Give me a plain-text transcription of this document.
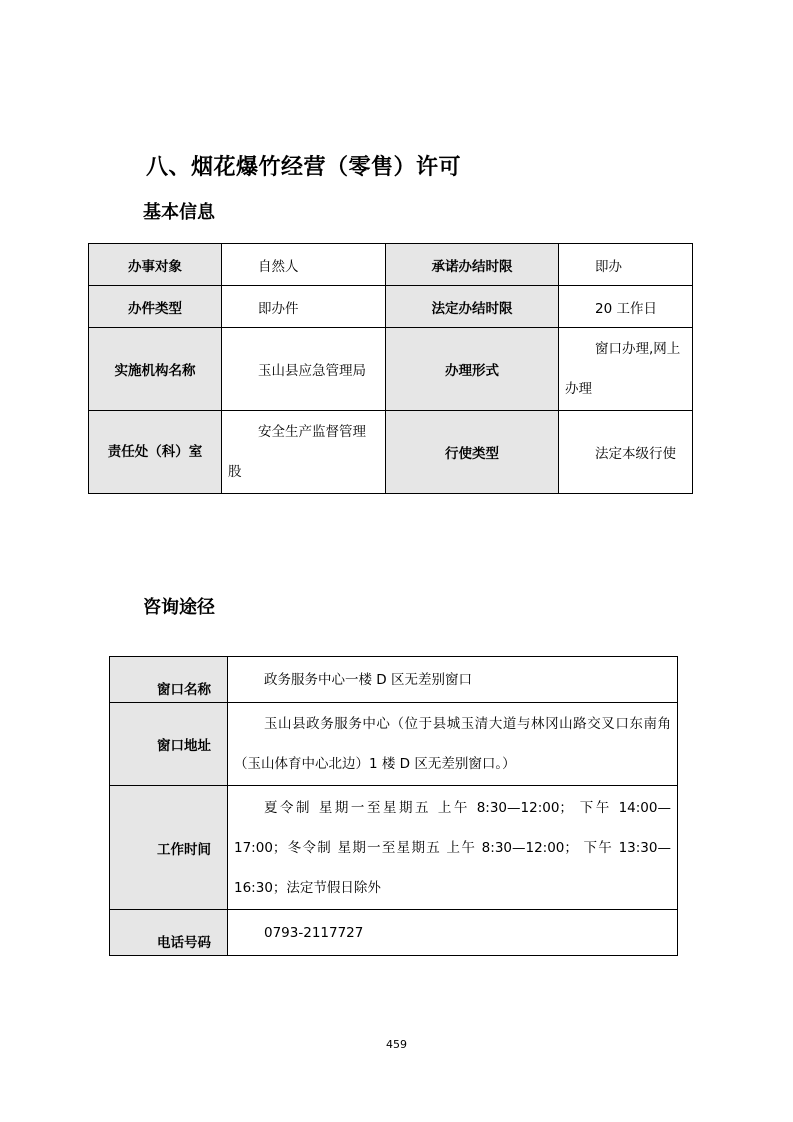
八、烟花爆竹经营（零售）许可
基本信息
办事对象	自然人	承诺办结时限	即办
办件类型	即办件	法定办结时限	20 工作日
实施机构名称	玉山县应急管理局	办理形式	窗口办理,网上办理

责任处（科）室	安全生产监督管理股	行使类型	法定本级行使
咨询途径
窗口名称	政务服务中心一楼 D 区无差别窗口
窗口地址	玉山县政务服务中心（位于县城玉清大道与林冈山路交叉口东南角（玉山体育中心北边）1 楼 D 区无差别窗口。）
工作时间	夏令制 星期一至星期五 上午 8:30—12:00； 下午 14:00—17:00；冬令制 星期一至星期五 上午 8:30—12:00； 下午 13:30—16:30；法定节假日除外
电话号码	0793-2117727
459
